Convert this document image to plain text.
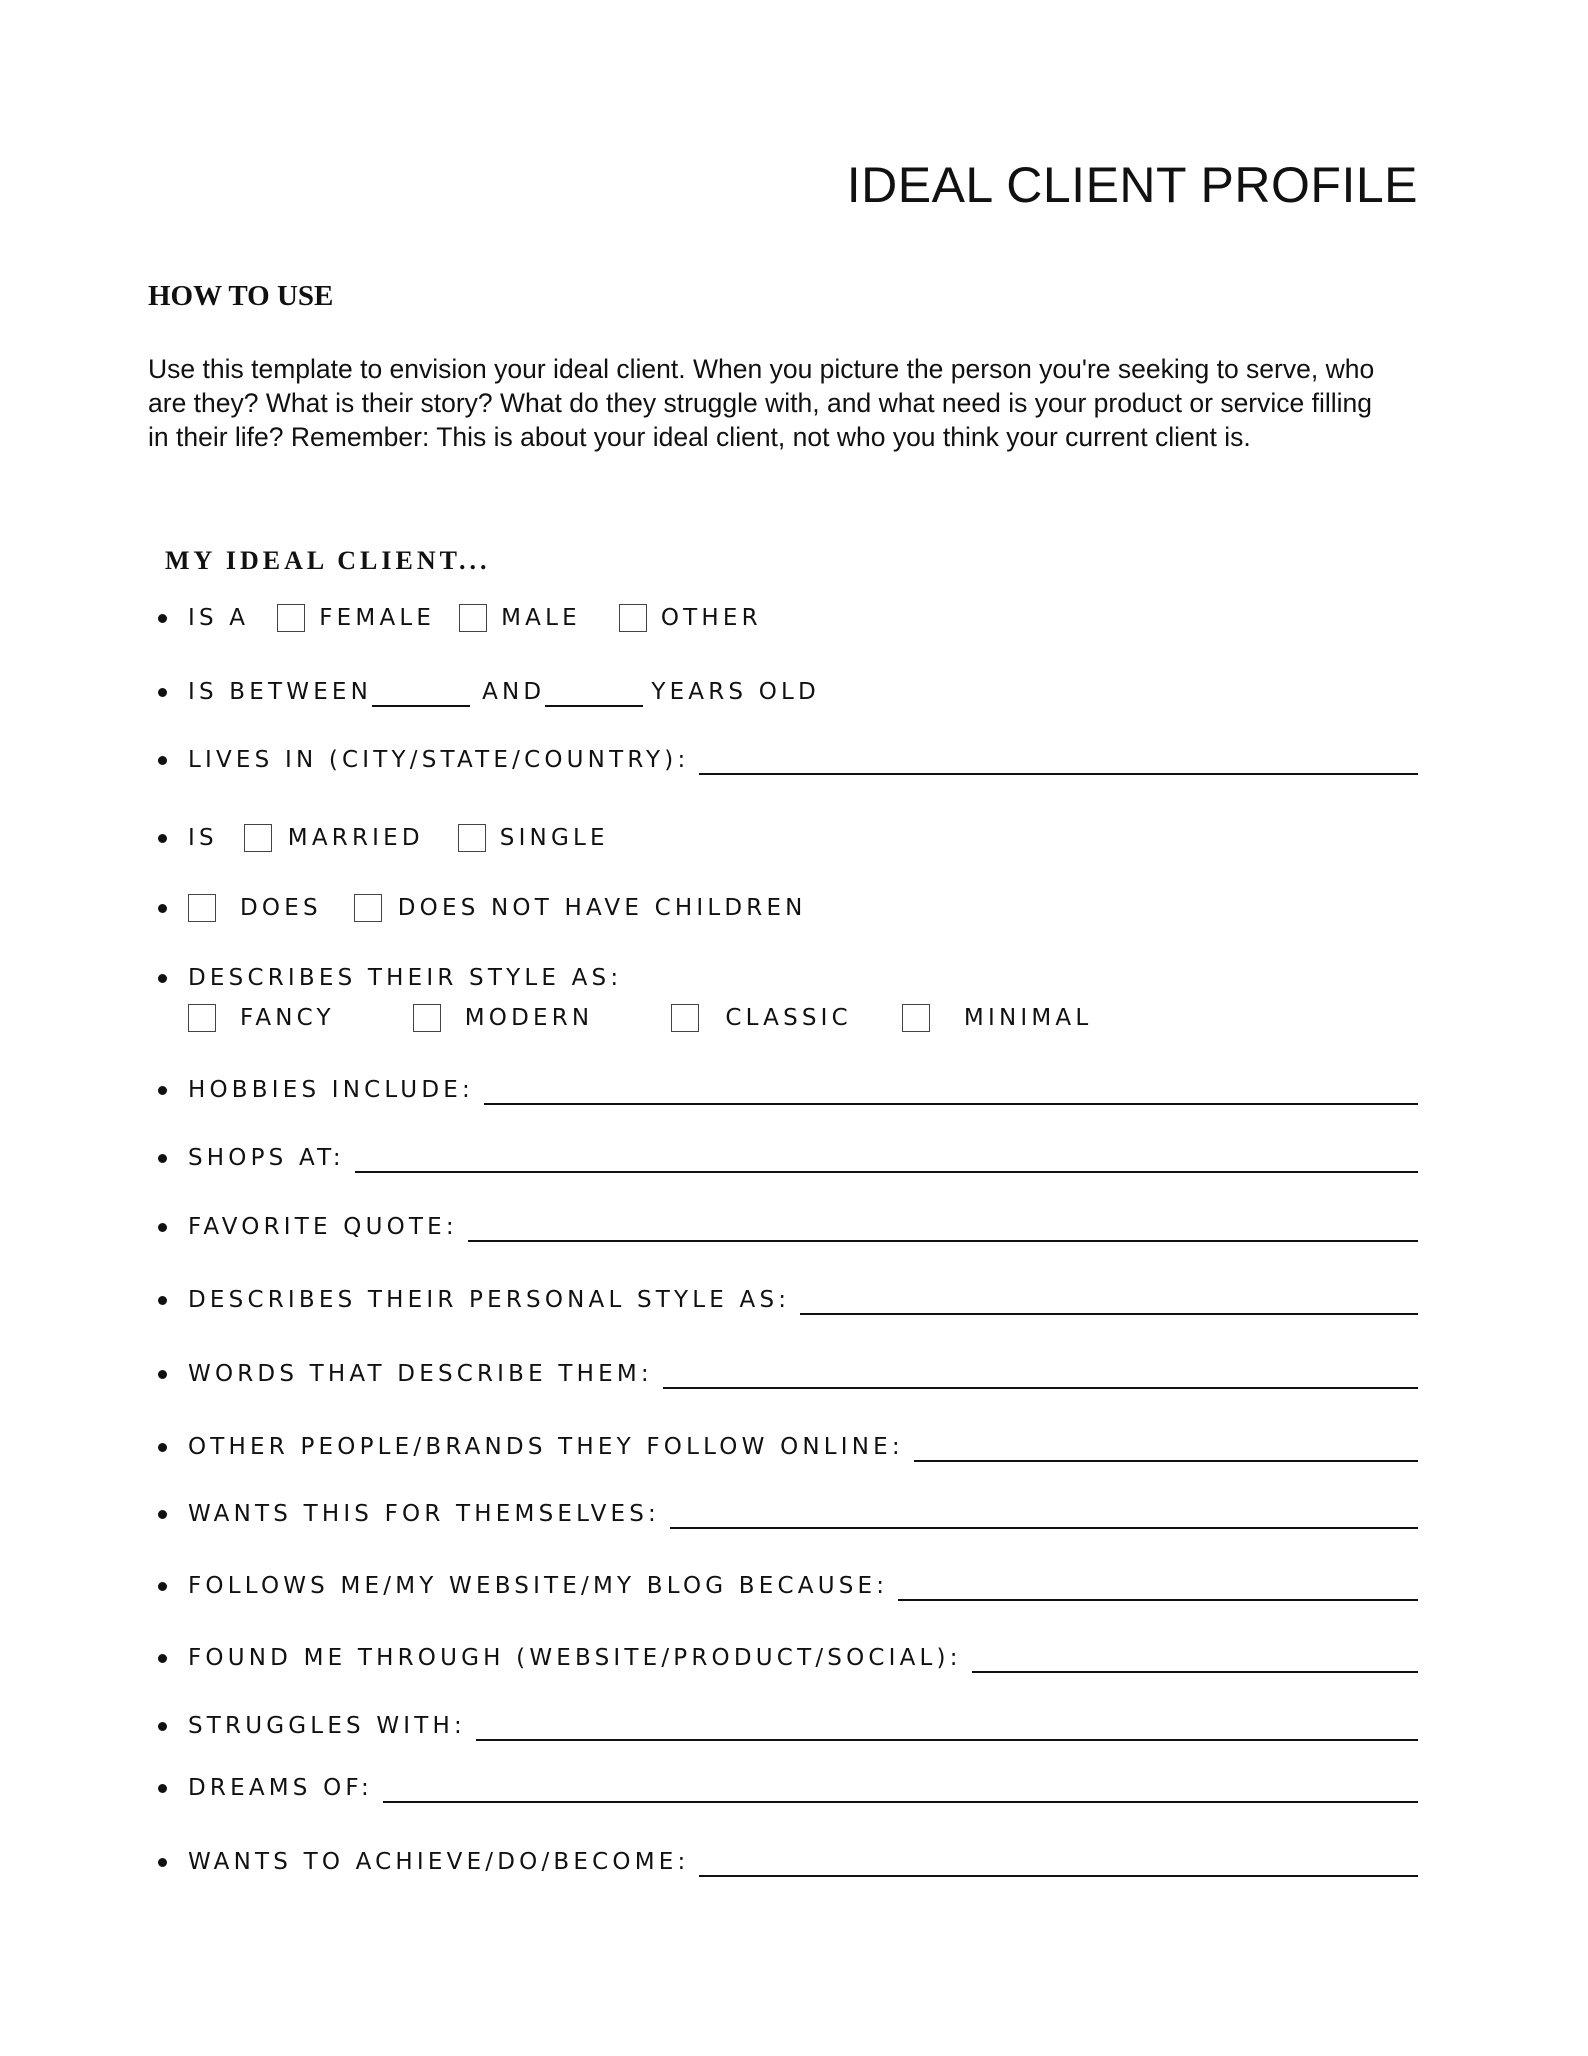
IDEAL CLIENT PROFILE
HOW TO USE

Use this template to envision your ideal client. When you picture the person you're seeking to serve, who
are they? What is their story? What do they struggle with, and what need is your product or service filling
in their life? Remember: This is about your ideal client, not who you think your current client is.

MY IDEAL CLIENT...
IS A	FEMALE	MALE	OTHER
IS BETWEEN	AND	YEARS OLD
LIVES IN (CITY/STATE/COUNTRY):
IS	MARRIED	SINGLE
DOES	DOES NOT HAVE CHILDREN
DESCRIBES THEIR STYLE AS:
FANCY	MODERN	CLASSIC	MINIMAL
HOBBIES INCLUDE:
SHOPS AT:
FAVORITE QUOTE:
DESCRIBES THEIR PERSONAL STYLE AS:
WORDS THAT DESCRIBE THEM:
OTHER PEOPLE/BRANDS THEY FOLLOW ONLINE:
WANTS THIS FOR THEMSELVES:
FOLLOWS ME/MY WEBSITE/MY BLOG BECAUSE:
FOUND ME THROUGH (WEBSITE/PRODUCT/SOCIAL):
STRUGGLES WITH:
DREAMS OF:
WANTS TO ACHIEVE/DO/BECOME:
